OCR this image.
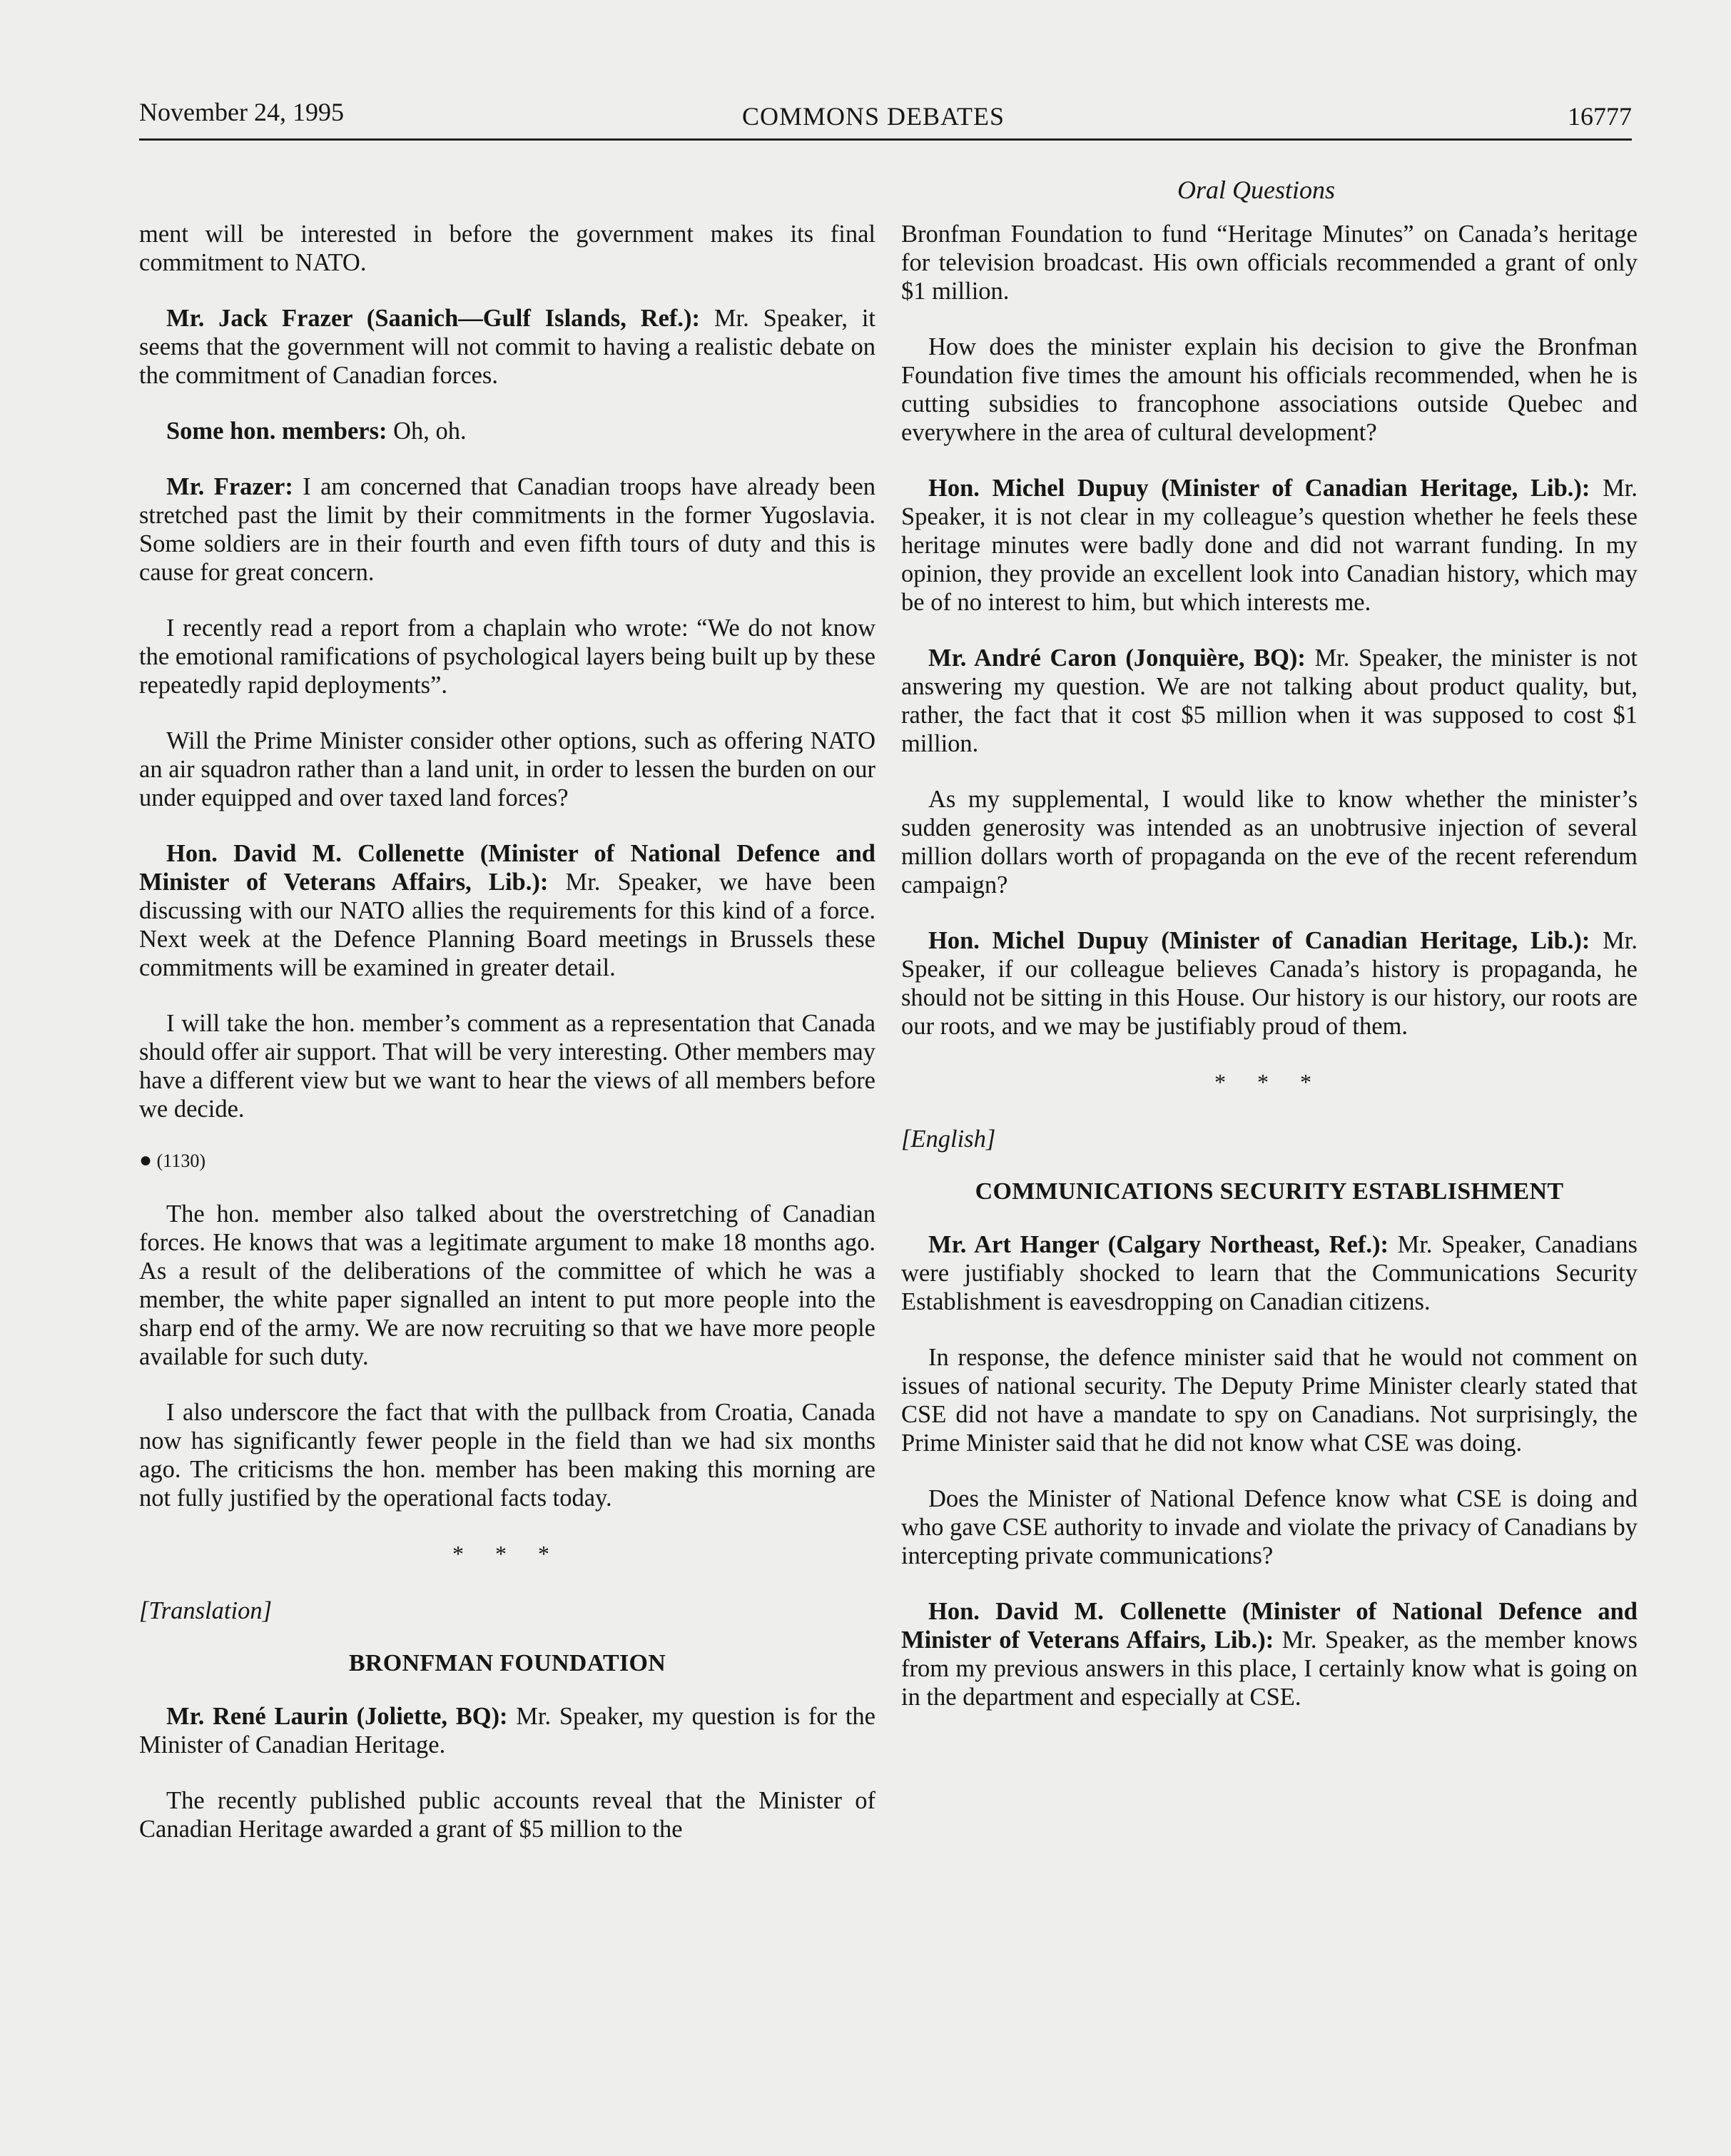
November 24, 1995	COMMONS DEBATES	16777
Oral Questions

ment will be interested in before the government makes its final commitment to NATO.

Mr. Jack Frazer (Saanich—Gulf Islands, Ref.): Mr. Speaker, it seems that the government will not commit to having a realistic debate on the commitment of Canadian forces.

Some hon. members: Oh, oh.

Mr. Frazer: I am concerned that Canadian troops have already been stretched past the limit by their commitments in the former Yugoslavia. Some soldiers are in their fourth and even fifth tours of duty and this is cause for great concern.

I recently read a report from a chaplain who wrote: “We do not know the emotional ramifications of psychological layers being built up by these repeatedly rapid deployments”.

Will the Prime Minister consider other options, such as offering NATO an air squadron rather than a land unit, in order to lessen the burden on our under equipped and over taxed land forces?

Hon. David M. Collenette (Minister of National Defence and Minister of Veterans Affairs, Lib.): Mr. Speaker, we have been discussing with our NATO allies the requirements for this kind of a force. Next week at the Defence Planning Board meetings in Brussels these commitments will be examined in greater detail.

I will take the hon. member’s comment as a representation that Canada should offer air support. That will be very interesting. Other members may have a different view but we want to hear the views of all members before we decide.

● (1130)

The hon. member also talked about the overstretching of Canadian forces. He knows that was a legitimate argument to make 18 months ago. As a result of the deliberations of the committee of which he was a member, the white paper signalled an intent to put more people into the sharp end of the army. We are now recruiting so that we have more people available for such duty.

I also underscore the fact that with the pullback from Croatia, Canada now has significantly fewer people in the field than we had six months ago. The criticisms the hon. member has been making this morning are not fully justified by the operational facts today.

* * *
[Translation]
BRONFMAN FOUNDATION

Mr. René Laurin (Joliette, BQ): Mr. Speaker, my question is for the Minister of Canadian Heritage.

The recently published public accounts reveal that the Minister of Canadian Heritage awarded a grant of $5 million to the

Bronfman Foundation to fund “Heritage Minutes” on Canada’s heritage for television broadcast. His own officials recommended a grant of only $1 million.

How does the minister explain his decision to give the Bronfman Foundation five times the amount his officials recommended, when he is cutting subsidies to francophone associations outside Quebec and everywhere in the area of cultural development?

Hon. Michel Dupuy (Minister of Canadian Heritage, Lib.): Mr. Speaker, it is not clear in my colleague’s question whether he feels these heritage minutes were badly done and did not warrant funding. In my opinion, they provide an excellent look into Canadian history, which may be of no interest to him, but which interests me.

Mr. André Caron (Jonquière, BQ): Mr. Speaker, the minister is not answering my question. We are not talking about product quality, but, rather, the fact that it cost $5 million when it was supposed to cost $1 million.

As my supplemental, I would like to know whether the minister’s sudden generosity was intended as an unobtrusive injection of several million dollars worth of propaganda on the eve of the recent referendum campaign?

Hon. Michel Dupuy (Minister of Canadian Heritage, Lib.): Mr. Speaker, if our colleague believes Canada’s history is propaganda, he should not be sitting in this House. Our history is our history, our roots are our roots, and we may be justifiably proud of them.

* * *
[English]
COMMUNICATIONS SECURITY ESTABLISHMENT

Mr. Art Hanger (Calgary Northeast, Ref.): Mr. Speaker, Canadians were justifiably shocked to learn that the Communications Security Establishment is eavesdropping on Canadian citizens.

In response, the defence minister said that he would not comment on issues of national security. The Deputy Prime Minister clearly stated that CSE did not have a mandate to spy on Canadians. Not surprisingly, the Prime Minister said that he did not know what CSE was doing.

Does the Minister of National Defence know what CSE is doing and who gave CSE authority to invade and violate the privacy of Canadians by intercepting private communications?

Hon. David M. Collenette (Minister of National Defence and Minister of Veterans Affairs, Lib.): Mr. Speaker, as the member knows from my previous answers in this place, I certainly know what is going on in the department and especially at CSE.
